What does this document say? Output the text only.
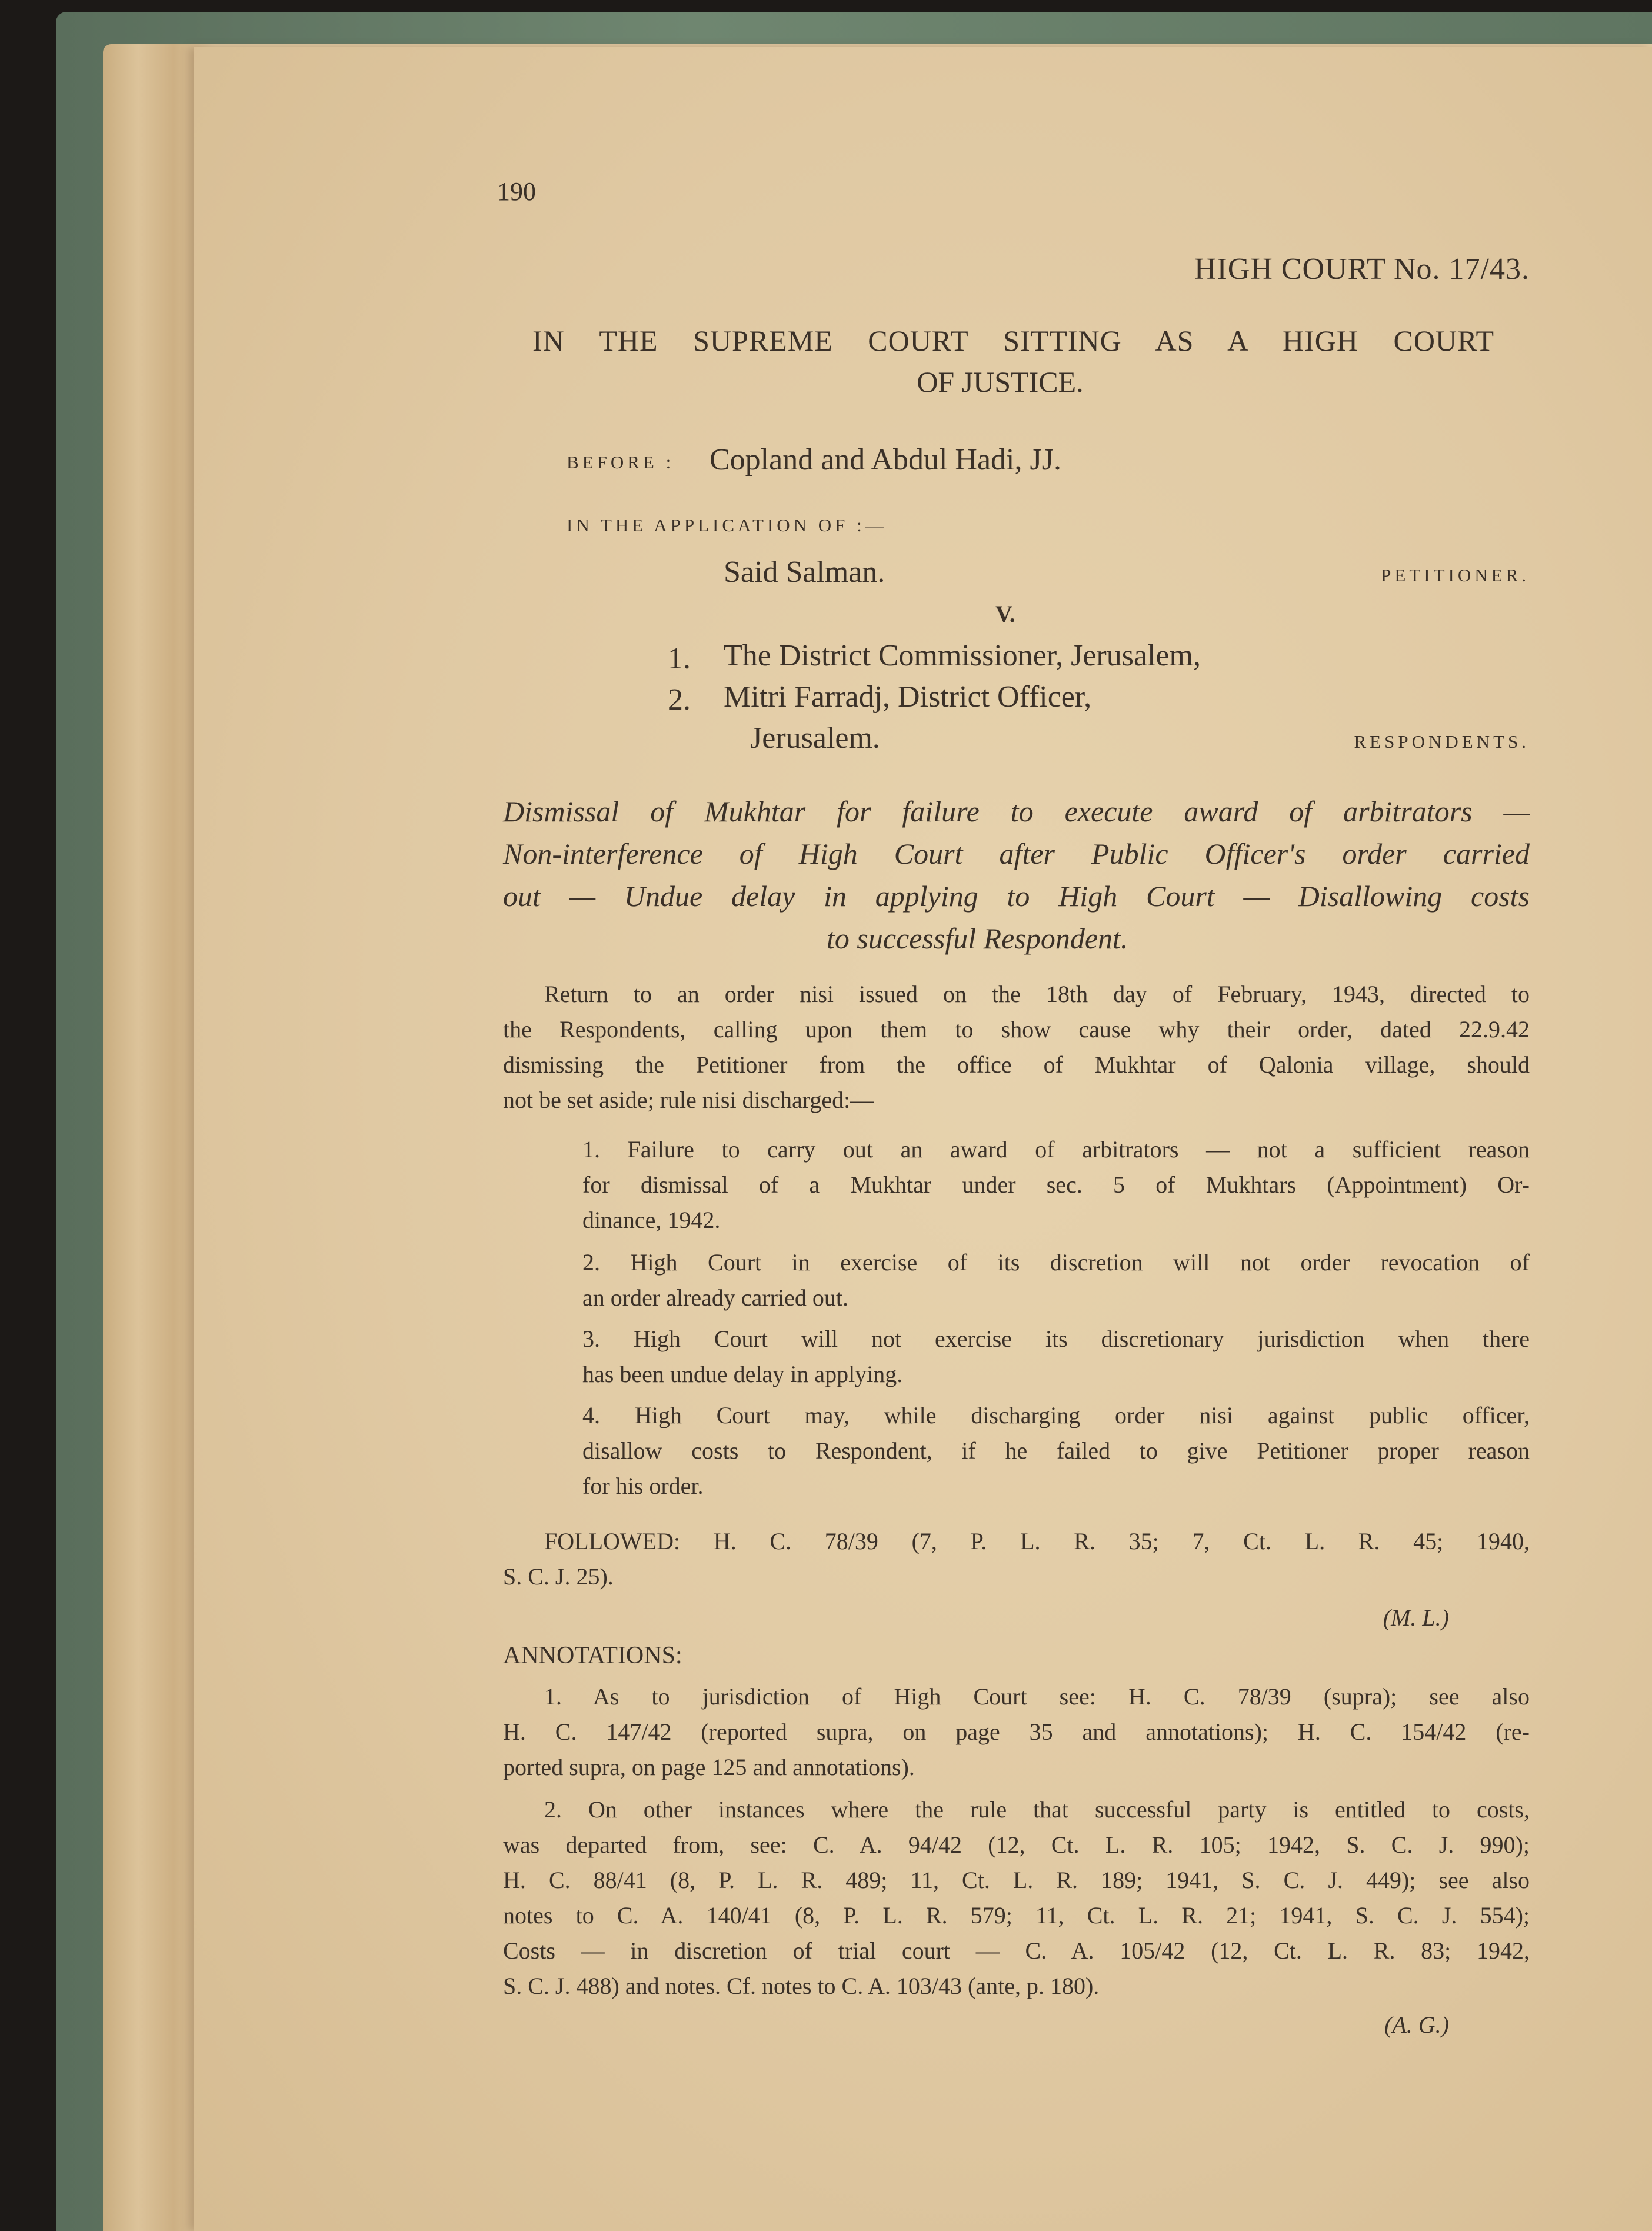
190
HIGH COURT No. 17/43.
IN THE SUPREME COURT SITTING AS A HIGH COURT
OF JUSTICE.
BEFORE : Copland and Abdul Hadi, JJ.
IN THE APPLICATION OF :—
Said Salman.	PETITIONER.
V.
1. The District Commissioner, Jerusalem,
2. Mitri Farradj, District Officer,
Jerusalem.	RESPONDENTS.
Dismissal of Mukhtar for failure to execute award of arbitrators —
Non-interference of High Court after Public Officer's order carried
out — Undue delay in applying to High Court — Disallowing costs
to successful Respondent.
Return to an order nisi issued on the 18th day of February, 1943, directed to
the Respondents, calling upon them to show cause why their order, dated 22.9.42
dismissing the Petitioner from the office of Mukhtar of Qalonia village, should
not be set aside; rule nisi discharged:—
1. Failure to carry out an award of arbitrators — not a sufficient reason
for dismissal of a Mukhtar under sec. 5 of Mukhtars (Appointment) Or-
dinance, 1942.
2. High Court in exercise of its discretion will not order revocation of
an order already carried out.
3. High Court will not exercise its discretionary jurisdiction when there
has been undue delay in applying.
4. High Court may, while discharging order nisi against public officer,
disallow costs to Respondent, if he failed to give Petitioner proper reason
for his order.
FOLLOWED: H. C. 78/39 (7, P. L. R. 35; 7, Ct. L. R. 45; 1940,
S. C. J. 25).
(M. L.)
ANNOTATIONS:
1. As to jurisdiction of High Court see: H. C. 78/39 (supra); see also
H. C. 147/42 (reported supra, on page 35 and annotations); H. C. 154/42 (re-
ported supra, on page 125 and annotations).
2. On other instances where the rule that successful party is entitled to costs,
was departed from, see: C. A. 94/42 (12, Ct. L. R. 105; 1942, S. C. J. 990);
H. C. 88/41 (8, P. L. R. 489; 11, Ct. L. R. 189; 1941, S. C. J. 449); see also
notes to C. A. 140/41 (8, P. L. R. 579; 11, Ct. L. R. 21; 1941, S. C. J. 554);
Costs — in discretion of trial court — C. A. 105/42 (12, Ct. L. R. 83; 1942,
S. C. J. 488) and notes. Cf. notes to C. A. 103/43 (ante, p. 180).
(A. G.)
